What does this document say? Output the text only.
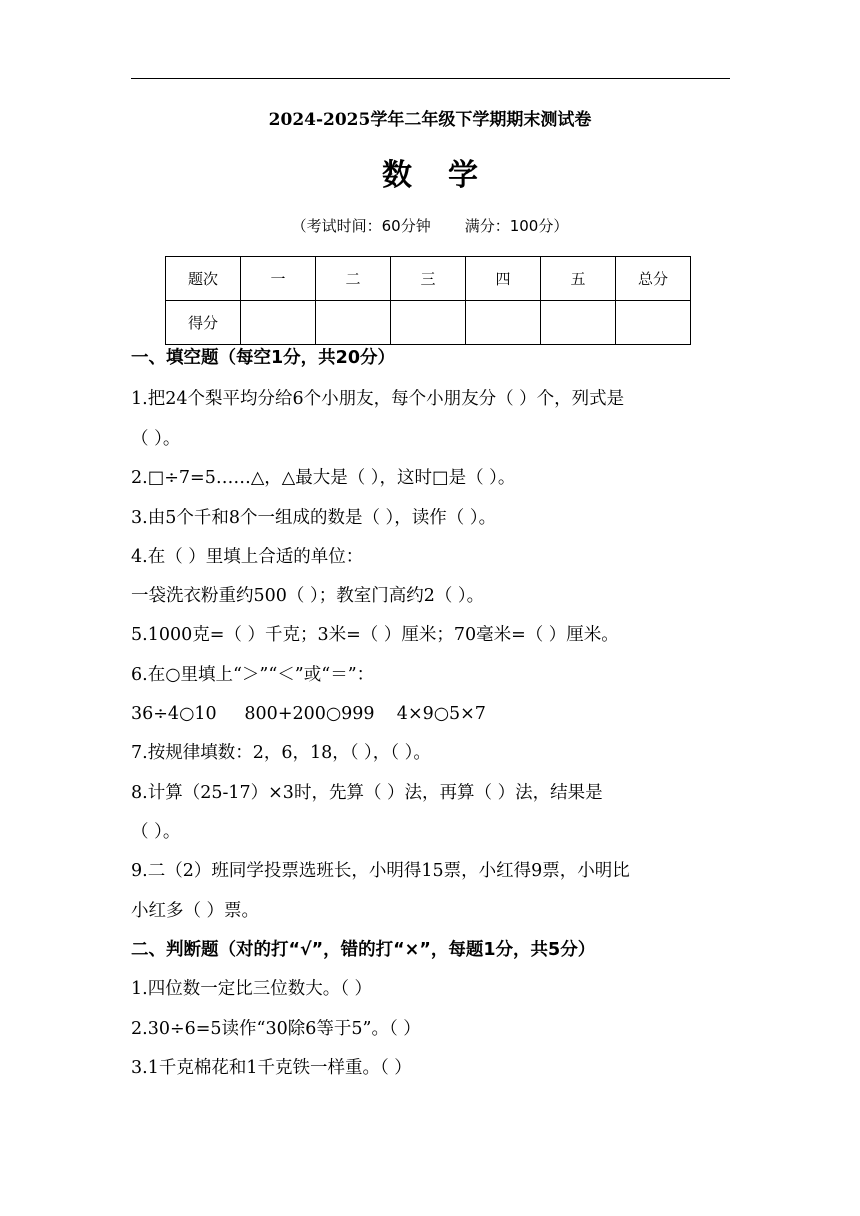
2024-2025学年二年级下学期期末测试卷
数学
（考试时间：60分钟 满分：100分）
题次	一	二	三	四	五	总分
得分						
一、填空题（每空1分，共20分）
1.把24个梨平均分给6个小朋友，每个小朋友分（ ）个，列式是
（ ）。
2.□÷7=5……△，△最大是（ ），这时□是（ ）。
3.由5个千和8个一组成的数是（ ），读作（ ）。
4.在（ ）里填上合适的单位：
一袋洗衣粉重约500（ ）；教室门高约2（ ）。
5.1000克=（ ）千克；3米=（ ）厘米；70毫米=（ ）厘米。
6.在○里填上“＞”“＜”或“＝”：
36÷4○10     800+200○999    4×9○5×7
7.按规律填数：2，6，18，（ ），（ ）。
8.计算（25-17）×3时，先算（ ）法，再算（ ）法，结果是
（ ）。
9.二（2）班同学投票选班长，小明得15票，小红得9票，小明比
小红多（ ）票。
二、判断题（对的打“√”，错的打“×”，每题1分，共5分）
1.四位数一定比三位数大。（ ）
2.30÷6=5读作“30除6等于5”。（ ）
3.1千克棉花和1千克铁一样重。（ ）
